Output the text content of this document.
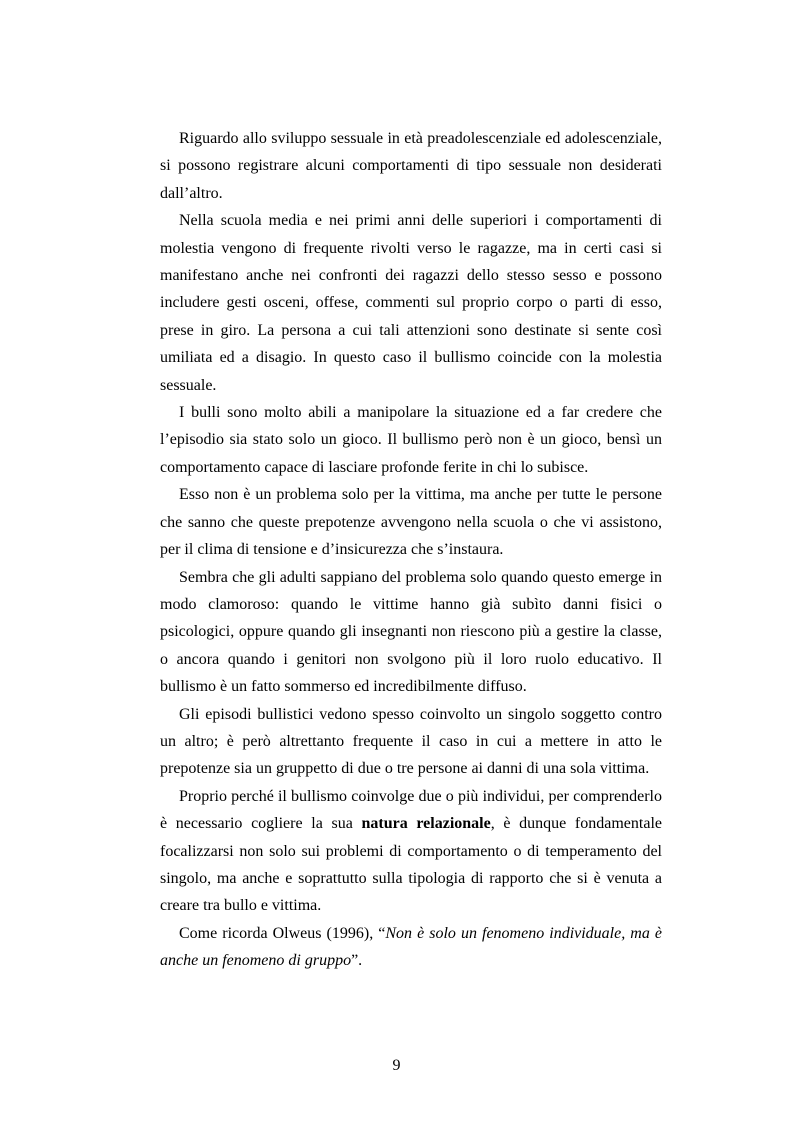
Riguardo allo sviluppo sessuale in età preadolescenziale ed adolescenziale, si possono registrare alcuni comportamenti di tipo sessuale non desiderati dall’altro.

Nella scuola media e nei primi anni delle superiori i comportamenti di molestia vengono di frequente rivolti verso le ragazze, ma in certi casi si manifestano anche nei confronti dei ragazzi dello stesso sesso e possono includere gesti osceni, offese, commenti sul proprio corpo o parti di esso, prese in giro. La persona a cui tali attenzioni sono destinate si sente così umiliata ed a disagio. In questo caso il bullismo coincide con la molestia sessuale.

I bulli sono molto abili a manipolare la situazione ed a far credere che l’episodio sia stato solo un gioco. Il bullismo però non è un gioco, bensì un comportamento capace di lasciare profonde ferite in chi lo subisce.

Esso non è un problema solo per la vittima, ma anche per tutte le persone che sanno che queste prepotenze avvengono nella scuola o che vi assistono, per il clima di tensione e d’insicurezza che s’instaura.

Sembra che gli adulti sappiano del problema solo quando questo emerge in modo clamoroso: quando le vittime hanno già subìto danni fisici o psicologici, oppure quando gli insegnanti non riescono più a gestire la classe, o ancora quando i genitori non svolgono più il loro ruolo educativo. Il bullismo è un fatto sommerso ed incredibilmente diffuso.

Gli episodi bullistici vedono spesso coinvolto un singolo soggetto contro un altro; è però altrettanto frequente il caso in cui a mettere in atto le prepotenze sia un gruppetto di due o tre persone ai danni di una sola vittima.

Proprio perché il bullismo coinvolge due o più individui, per comprenderlo è necessario cogliere la sua natura relazionale, è dunque fondamentale focalizzarsi non solo sui problemi di comportamento o di temperamento del singolo, ma anche e soprattutto sulla tipologia di rapporto che si è venuta a creare tra bullo e vittima.

Come ricorda Olweus (1996), “Non è solo un fenomeno individuale, ma è anche un fenomeno di gruppo”.

9
